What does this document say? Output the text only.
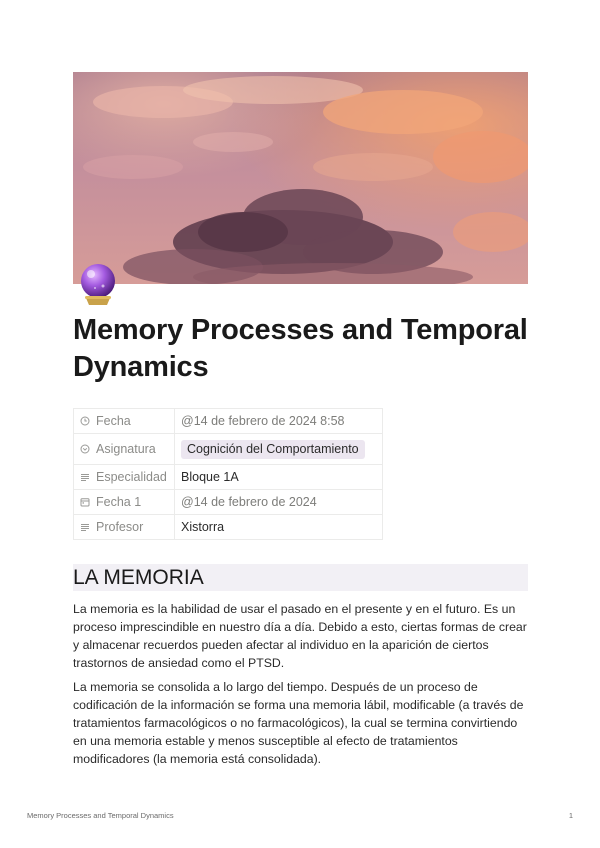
Memory Processes and Temporal Dynamics
Fecha	@14 de febrero de 2024 8:58

Asignatura	Cognición del Comportamiento

Especialidad	Bloque 1A

Fecha 1	@14 de febrero de 2024

Profesor	Xistorra
LA MEMORIA

La memoria es la habilidad de usar el pasado en el presente y en el futuro. Es un proceso imprescindible en nuestro día a día. Debido a esto, ciertas formas de crear y almacenar recuerdos pueden afectar al individuo en la aparición de ciertos trastornos de ansiedad como el PTSD.

La memoria se consolida a lo largo del tiempo. Después de un proceso de codificación de la información se forma una memoria lábil, modificable (a través de tratamientos farmacológicos o no farmacológicos), la cual se termina convirtiendo en una memoria estable y menos susceptible al efecto de tratamientos modificadores (la memoria está consolidada).

Memory Processes and Temporal Dynamics	1
